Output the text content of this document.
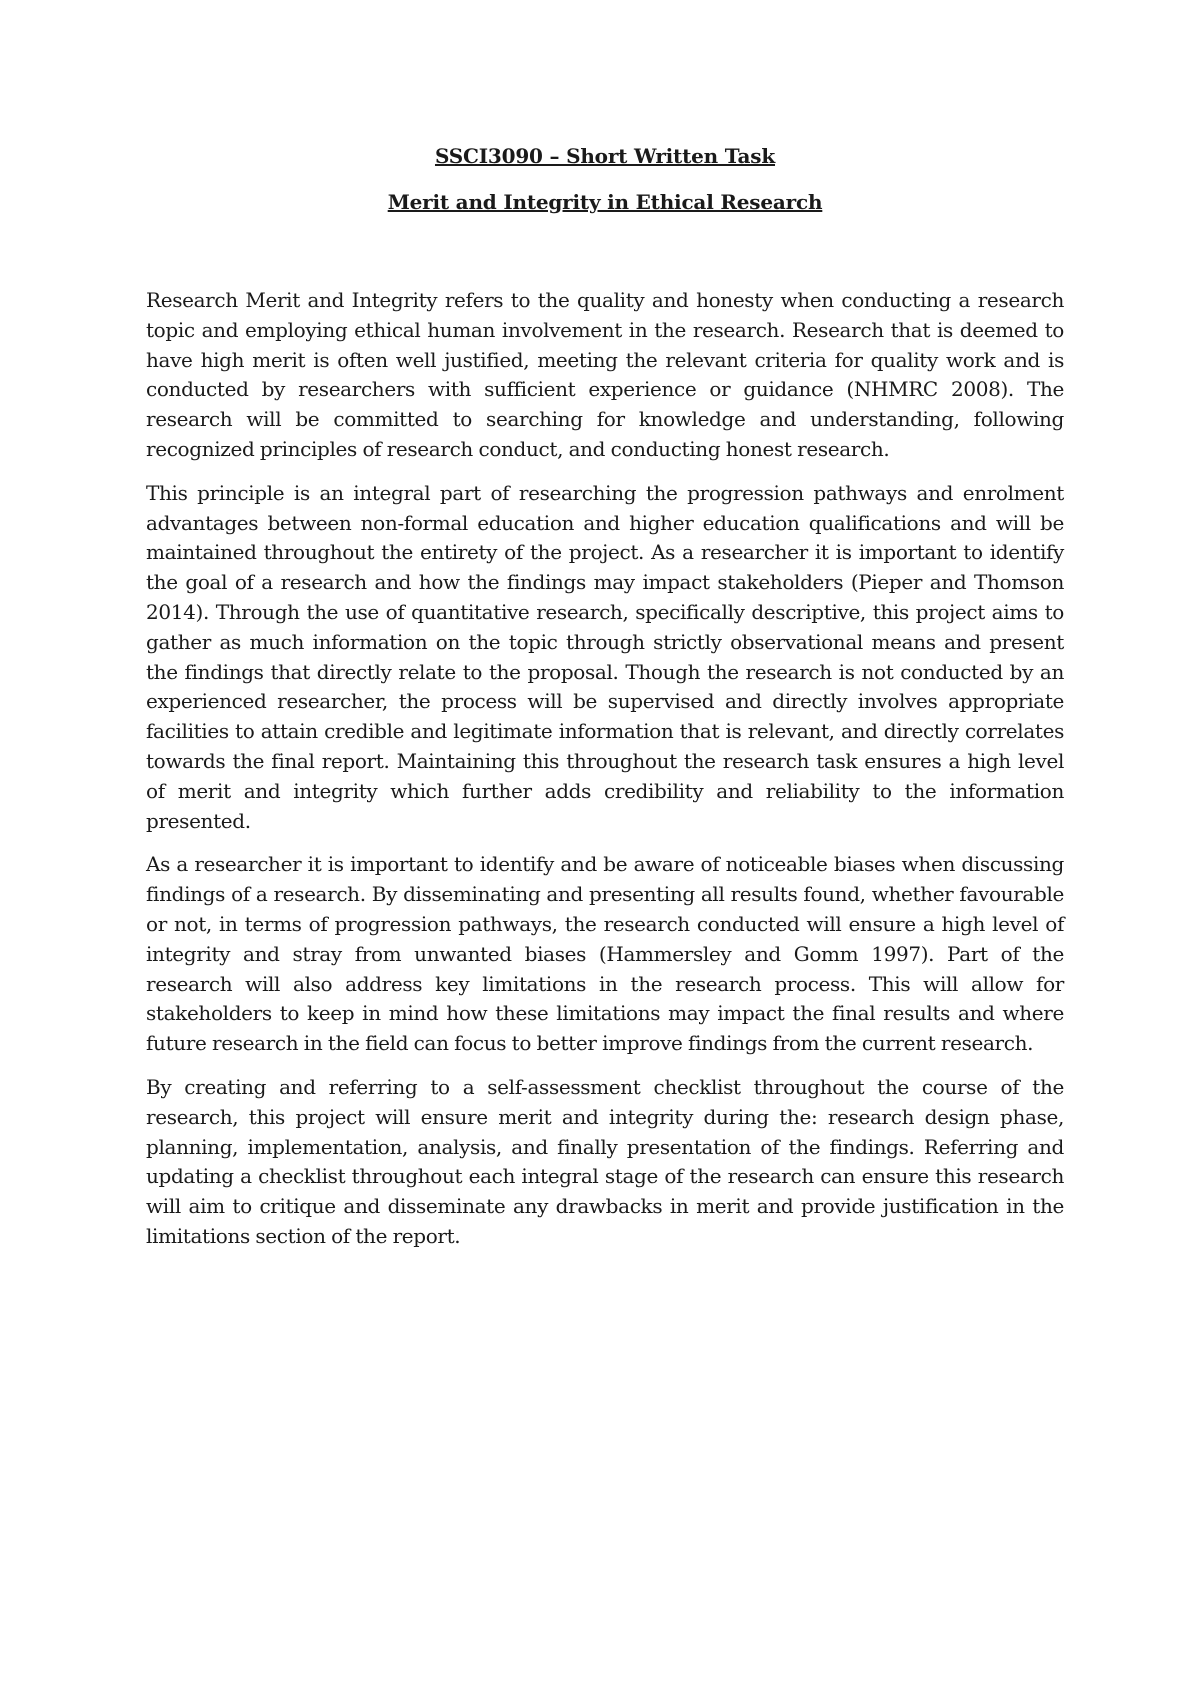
SSCI3090 – Short Written Task
Merit and Integrity in Ethical Research

Research Merit and Integrity refers to the quality and honesty when conducting a research topic and employing ethical human involvement in the research. Research that is deemed to have high merit is often well justified, meeting the relevant criteria for quality work and is conducted by researchers with sufficient experience or guidance (NHMRC 2008). The research will be committed to searching for knowledge and understanding, following recognized principles of research conduct, and conducting honest research.

This principle is an integral part of researching the progression pathways and enrolment advantages between non-formal education and higher education qualifications and will be maintained throughout the entirety of the project. As a researcher it is important to identify the goal of a research and how the findings may impact stakeholders (Pieper and Thomson 2014). Through the use of quantitative research, specifically descriptive, this project aims to gather as much information on the topic through strictly observational means and present the findings that directly relate to the proposal. Though the research is not conducted by an experienced researcher, the process will be supervised and directly involves appropriate facilities to attain credible and legitimate information that is relevant, and directly correlates towards the final report. Maintaining this throughout the research task ensures a high level of merit and integrity which further adds credibility and reliability to the information presented.

As a researcher it is important to identify and be aware of noticeable biases when discussing findings of a research. By disseminating and presenting all results found, whether favourable or not, in terms of progression pathways, the research conducted will ensure a high level of integrity and stray from unwanted biases (Hammersley and Gomm 1997). Part of the research will also address key limitations in the research process. This will allow for stakeholders to keep in mind how these limitations may impact the final results and where future research in the field can focus to better improve findings from the current research.

By creating and referring to a self-assessment checklist throughout the course of the research, this project will ensure merit and integrity during the: research design phase, planning, implementation, analysis, and finally presentation of the findings. Referring and updating a checklist throughout each integral stage of the research can ensure this research will aim to critique and disseminate any drawbacks in merit and provide justification in the limitations section of the report.
